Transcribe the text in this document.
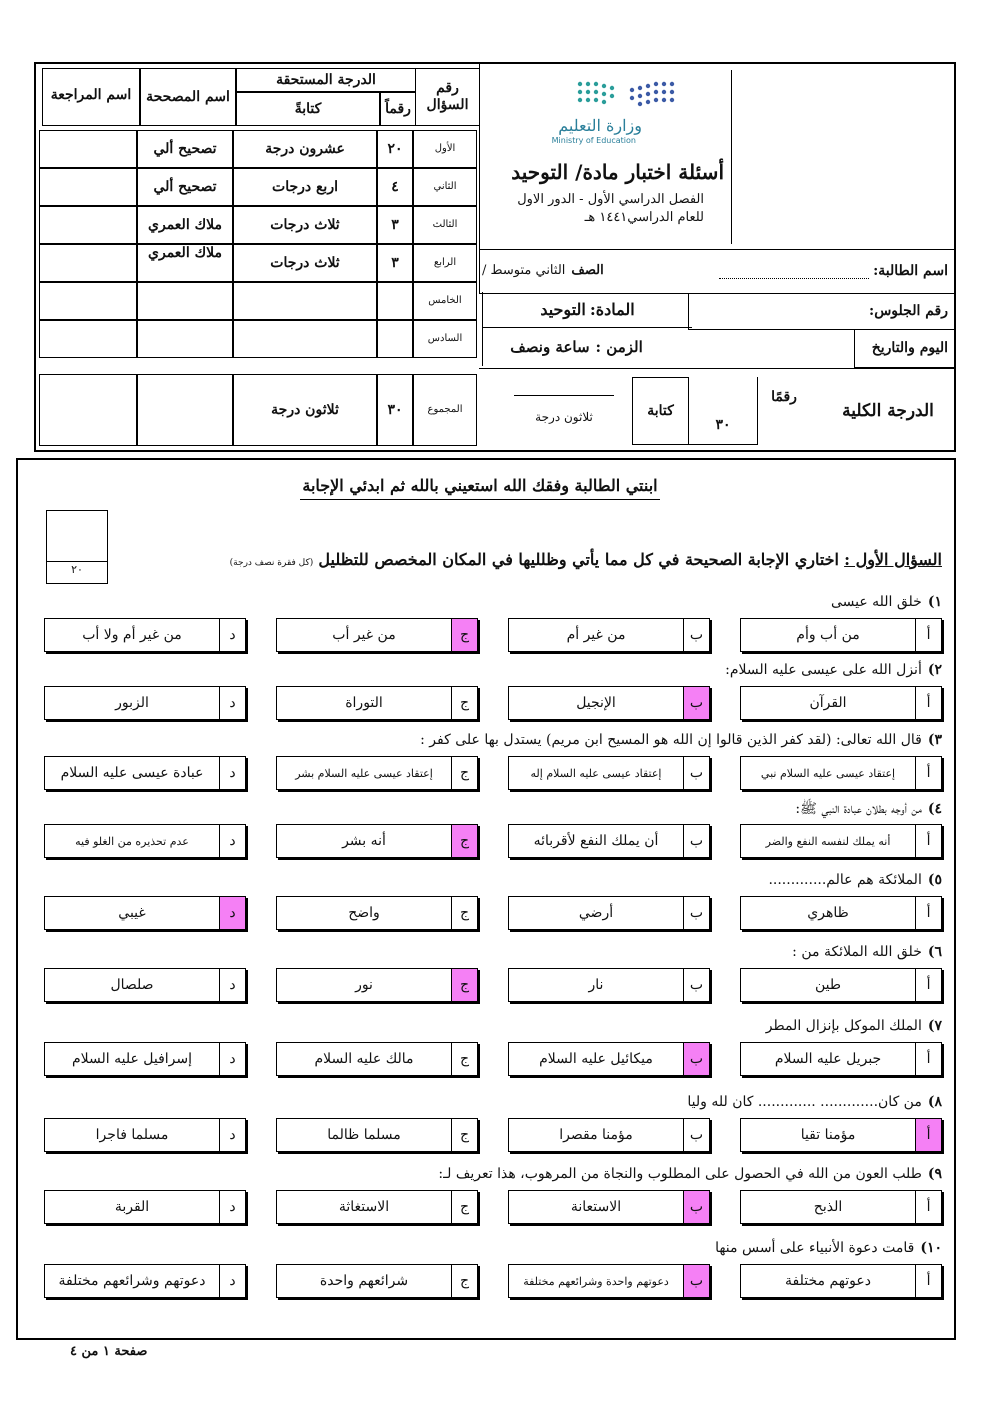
وزارة التعليم
Ministry of Education
أسئلة اختبار مادة/ التوحيد
الفصل الدراسي الأول - الدور الاول
للعام الدراسي١٤٤١ هـ
رقم السؤال
الدرجة المستحقة
رقماً
كتابةً
اسم المصححة
اسم المراجعة
اسم الطالبة
:
رقم الجلوس
:
اليوم والتاريخ
الدرجة الكلية
رقمًا
٣٠
كتابة
ثلاثون درجة
الأول
٢٠
عشرون درجة
تصحيح ألي
الثاني
٤
اربع درجات
تصحيح ألي
الثالث
٣
ثلاث درجات
ملاك العمري
الرابع
٣
ثلاث درجات
ملاك العمري
الخامس
السادس
المجموع
٣٠
ثلاثون درجة
الصف
الثاني متوسط /
المادة:
التوحيد
الزمن :
ساعة ونصف
ابنتي الطالبة وفقك الله استعيني بالله ثم ابدئي الإجابة
٢٠
السؤال الأول : اختاري الإجابة الصحيحة في كل مما يأتي وظلليها في المكان المخصص للتظليل (كل فقرة نصف درجة)
صفحة ١ من ٤
١)خلق الله عيسى
أ
من أب وأم
ب
من غير أم
ج
من غير أب
د
من غير أم ولا أب
٢)أنزل الله على عيسى عليه السلام:
أ
القرآن
ب
الإنجيل
ج
التوراة
د
الزبور
٣)قال الله تعالى: (لقد كفر الذين قالوا إن الله هو المسيح ابن مريم) يستدل بها على كفر :
أ
إعتقاد عيسى عليه السلام نبي
ب
إعتقاد عيسى عليه السلام إله
ج
إعتقاد عيسى عليه السلام بشر
د
عبادة عيسى عليه السلام
٤)من أوجه بطلان عبادة النبي ﷺ:
أ
أنه يملك لنفسه النفع والضر
ب
أن يملك النفع لأقربائه
ج
أنه بشر
د
عدم تحذيره من الغلو فيه
٥)الملائكة هم عالم.............
أ
ظاهري
ب
أرضي
ج
واضح
د
غيبي
٦)خلق الله الملائكة من :
أ
طين
ب
نار
ج
نور
د
صلصال
٧)الملك الموكل بإنزال المطر
أ
جبريل عليه السلام
ب
ميكائيل عليه السلام
ج
مالك عليه السلام
د
إسرافيل عليه السلام
٨)من كان............. ............. كان لله وليا
أ
مؤمنا تقيا
ب
مؤمنا مقصرا
ج
مسلما ظالما
د
مسلما فاجرا
٩)طلب العون من الله في الحصول على المطلوب والنجاة من المرهوب، هذا تعريف لـ:
أ
الذبح
ب
الاستعانة
ج
الاستغاثة
د
القربة
١٠)قامت دعوة الأنبياء على أسس منها
أ
دعوتهم مختلفة
ب
دعوتهم واحدة وشرائعهم مختلفة
ج
شرائعهم واحدة
د
دعوتهم وشرائعهم مختلفة
